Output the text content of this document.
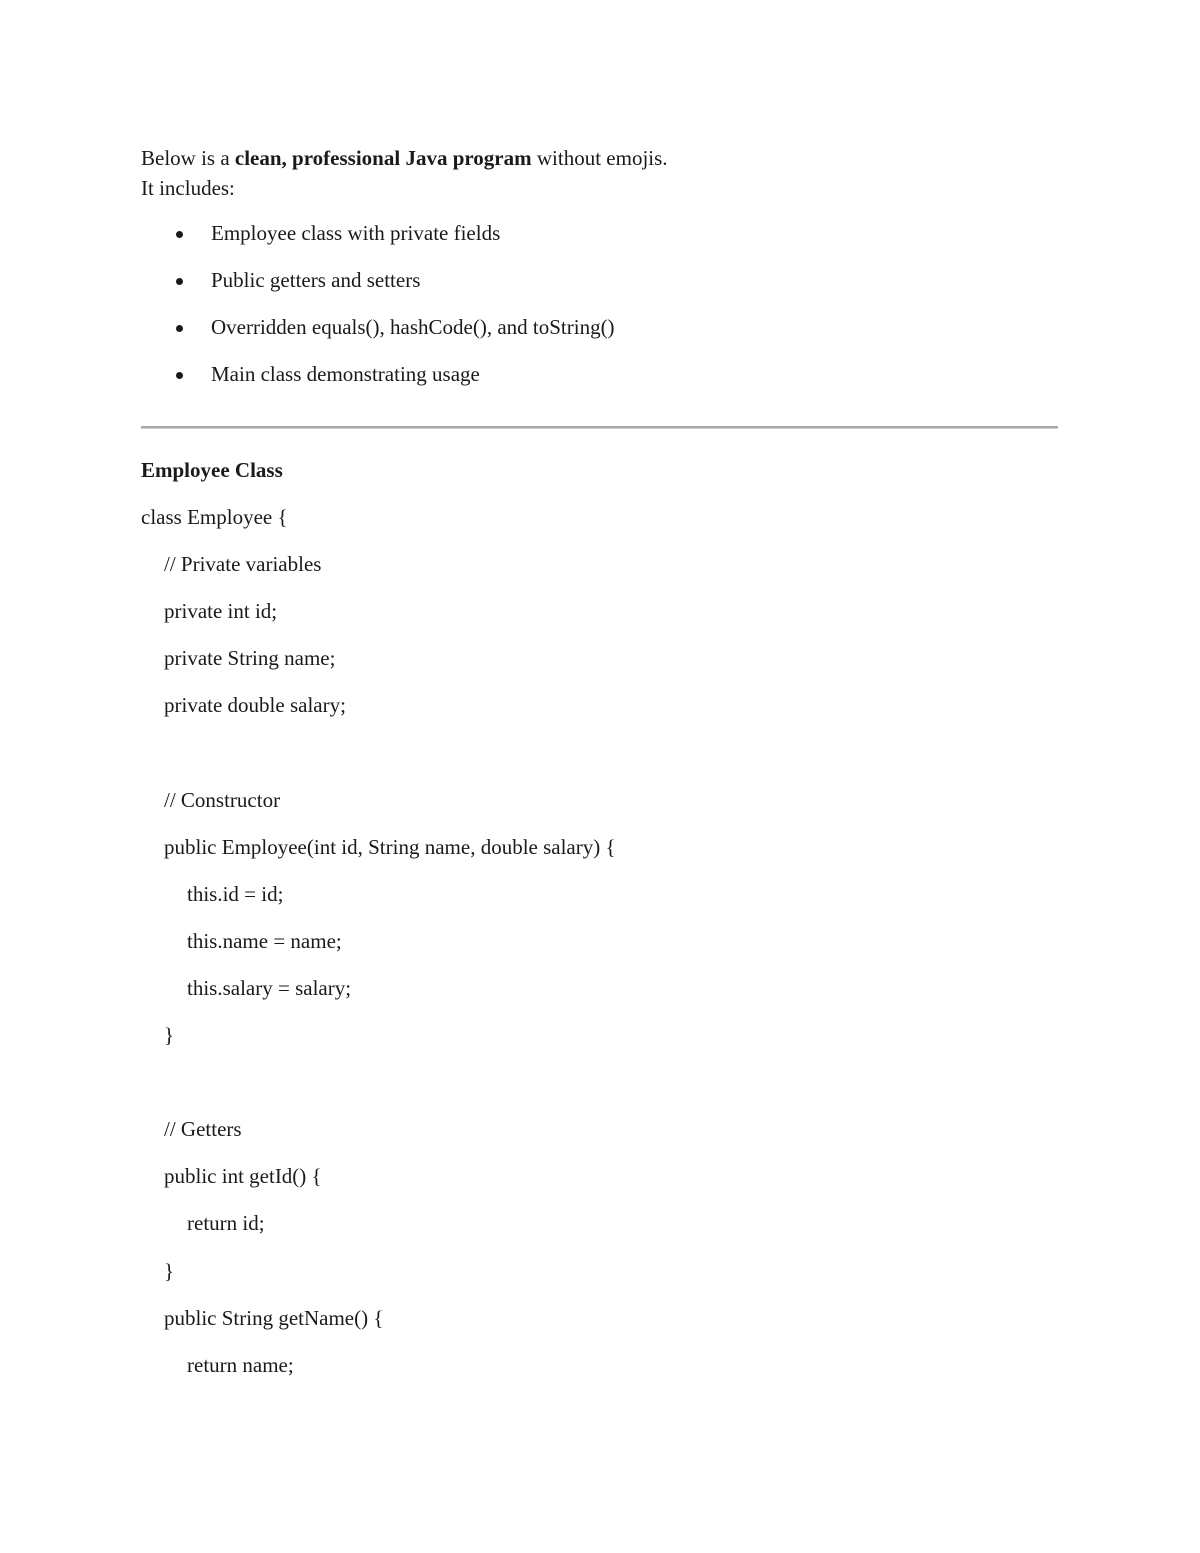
Below is a clean, professional Java program without emojis.
It includes:
Employee class with private fields
Public getters and setters
Overridden equals(), hashCode(), and toString()
Main class demonstrating usage
Employee Class
class Employee {
// Private variables
private int id;
private String name;
private double salary;
// Constructor
public Employee(int id, String name, double salary) {
this.id = id;
this.name = name;
this.salary = salary;
}
// Getters
public int getId() {
return id;
}
public String getName() {
return name;
